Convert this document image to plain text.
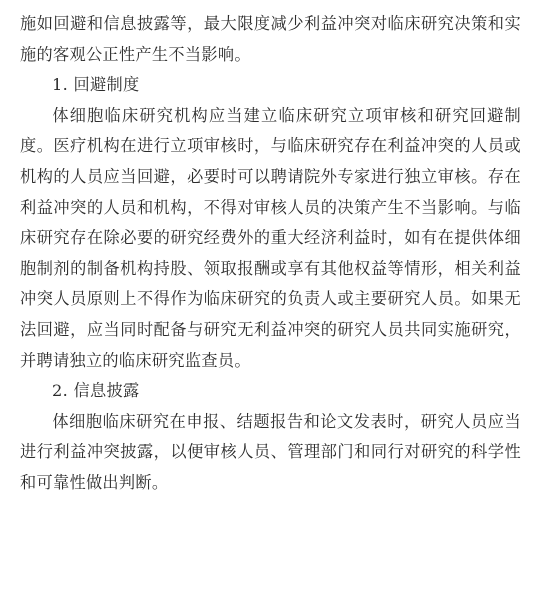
施如回避和信息披露等，最大限度减少利益冲突对临床研究决策和实施的客观公正性产生不当影响。

1. 回避制度

体细胞临床研究机构应当建立临床研究立项审核和研究回避制度。医疗机构在进行立项审核时，与临床研究存在利益冲突的人员或机构的人员应当回避，必要时可以聘请院外专家进行独立审核。存在利益冲突的人员和机构，不得对审核人员的决策产生不当影响。与临床研究存在除必要的研究经费外的重大经济利益时，如有在提供体细胞制剂的制备机构持股、领取报酬或享有其他权益等情形，相关利益冲突人员原则上不得作为临床研究的负责人或主要研究人员。如果无法回避，应当同时配备与研究无利益冲突的研究人员共同实施研究，并聘请独立的临床研究监查员。

2. 信息披露

体细胞临床研究在申报、结题报告和论文发表时，研究人员应当进行利益冲突披露，以便审核人员、管理部门和同行对研究的科学性和可靠性做出判断。
